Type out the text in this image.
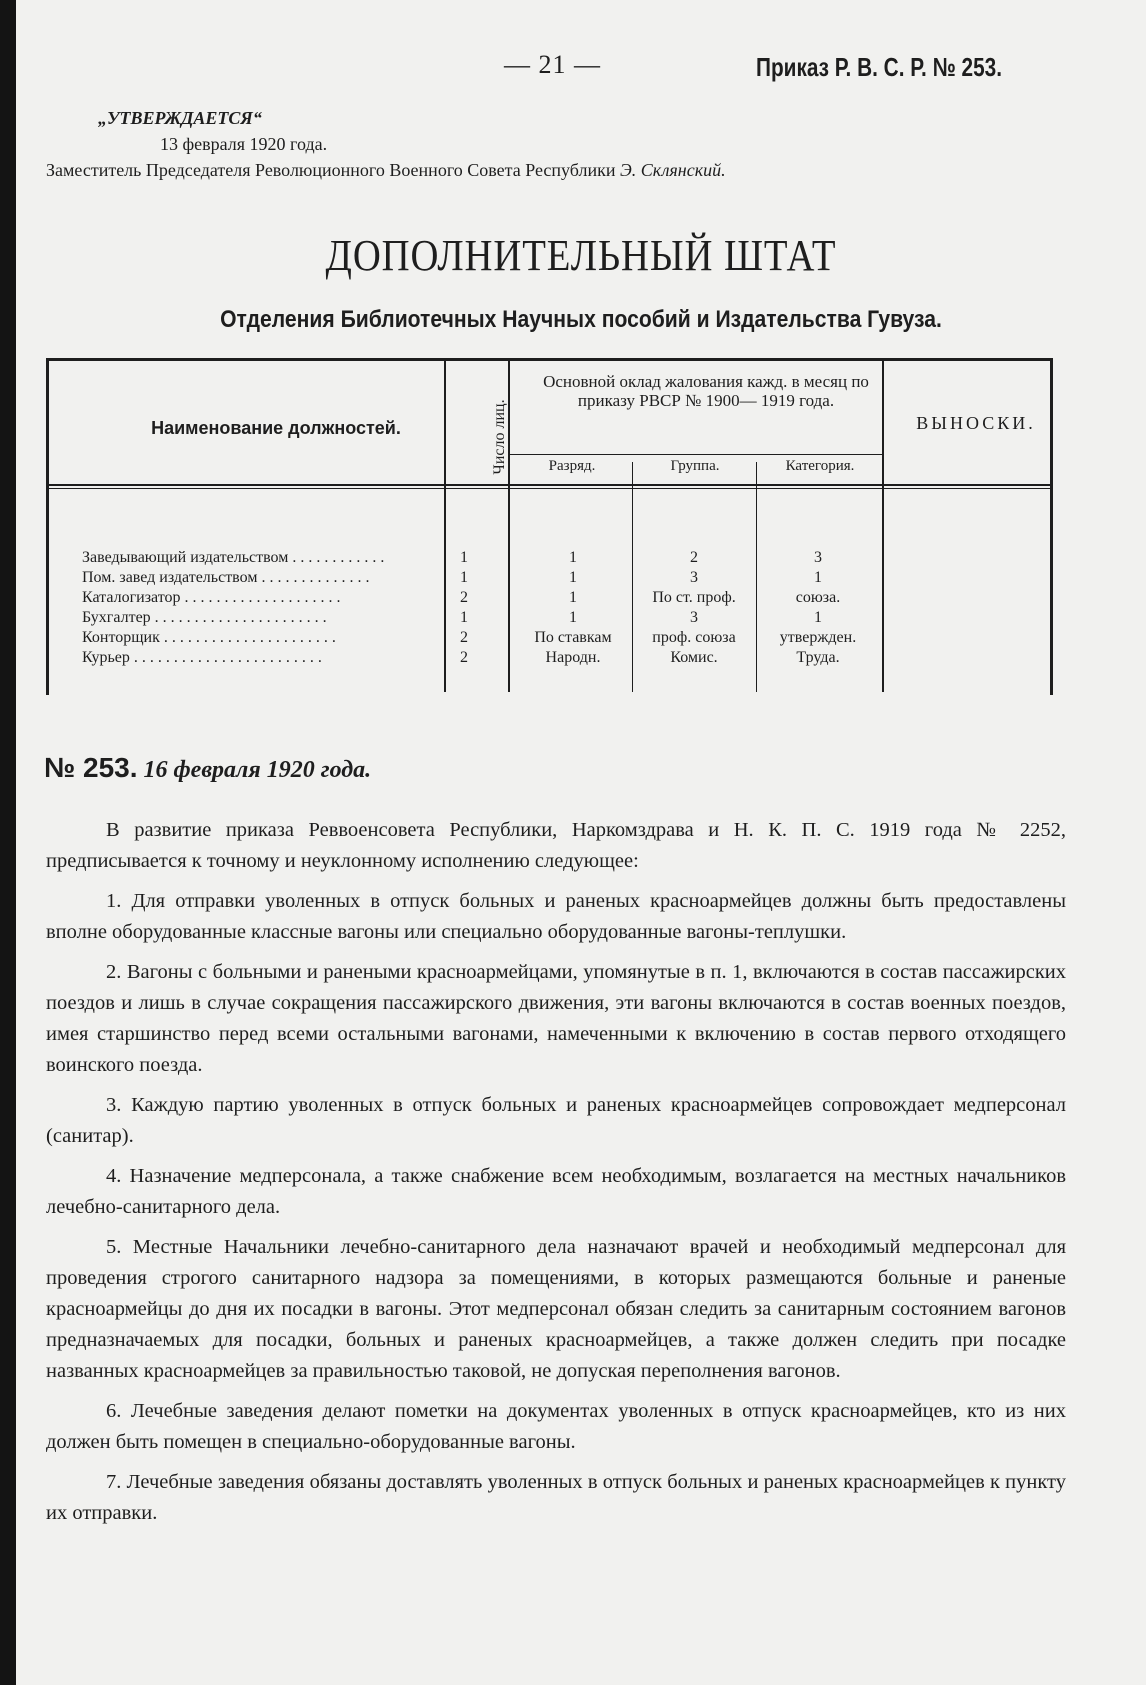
— 21 —	Приказ Р. В. С. Р. № 253.
„УТВЕРЖДАЕТСЯ“
13 февраля 1920 года.
Заместитель Председателя Революционного Военного Совета Республики Э. Склянский.
ДОПОЛНИТЕЛЬНЫЙ ШТАТ
Отделения Библиотечных Научных пособий и Издательства Гувуза.
Наименование должностей.	Число лиц.
Основной оклад жалования кажд. в месяц по приказу РВСР № 1900— 1919 года.
ВЫНОСКИ.
Разряд.	Группа.	Категория.
Заведывающий издательством . . . . . . . . . . . .	1	1	2	3
Пом. завед издательством . . . . . . . . . . . . . .	1	1	3	1
Каталогизатор . . . . . . . . . . . . . . . . . . . .	2	1	По ст. проф.	союза.
Бухгалтер . . . . . . . . . . . . . . . . . . . . . .	1	1	3	1
Конторщик . . . . . . . . . . . . . . . . . . . . . .	2	По ставкам	проф. союза	утвержден.
Курьер . . . . . . . . . . . . . . . . . . . . . . . .	2	Народн.	Комис.	Труда.
№ 253. 16 февраля 1920 года.

В развитие приказа Реввоенсовета Республики, Наркомздрава и Н. К. П. С. 1919 года № 2252, предписывается к точному и неуклонному исполнению следующее:

1. Для отправки уволенных в отпуск больных и раненых красноармейцев должны быть предоставлены вполне оборудованные классные вагоны или специально оборудованные вагоны-теплушки.

2. Вагоны с больными и ранеными красноармейцами, упомянутые в п. 1, включаются в состав пассажирских поездов и лишь в случае сокращения пассажирского движения, эти вагоны включаются в состав военных поездов, имея старшинство перед всеми остальными вагонами, намеченными к включению в состав первого отходящего воинского поезда.

3. Каждую партию уволенных в отпуск больных и раненых красноармейцев сопровождает медперсонал (санитар).

4. Назначение медперсонала, а также снабжение всем необходимым, возлагается на местных начальников лечебно-санитарного дела.

5. Местные Начальники лечебно-санитарного дела назначают врачей и необходимый медперсонал для проведения строгого санитарного надзора за помещениями, в которых размещаются больные и раненые красноармейцы до дня их посадки в вагоны. Этот медперсонал обязан следить за санитарным состоянием вагонов предназначаемых для посадки, больных и раненых красноармейцев, а также должен следить при посадке названных красноармейцев за правильностью таковой, не допуская переполнения вагонов.

6. Лечебные заведения делают пометки на документах уволенных в отпуск красноармейцев, кто из них должен быть помещен в специально-оборудованные вагоны.

7. Лечебные заведения обязаны доставлять уволенных в отпуск больных и раненых красноармейцев к пункту их отправки.
